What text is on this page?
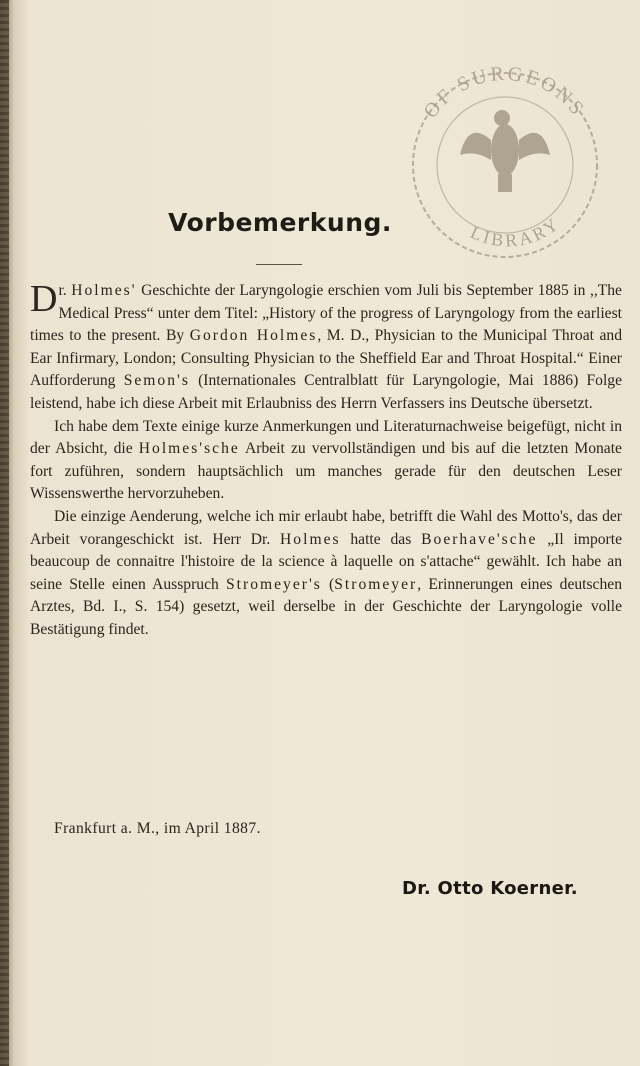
OF SURGEONS
LIBRARY
Vorbemerkung.

D r. Holmes' Geschichte der Laryngologie erschien vom Juli bis September 1885 in ,,The Medical Press“ unter dem Titel: „History of the progress of Laryngology from the earliest times to the present. By Gordon Holmes, M. D., Physician to the Municipal Throat and Ear Infirmary, London; Consulting Physician to the Sheffield Ear and Throat Hospital.“ Einer Aufforderung Semon's (Internationales Centralblatt für Laryngologie, Mai 1886) Folge leistend, habe ich diese Arbeit mit Erlaubniss des Herrn Verfassers ins Deutsche übersetzt.

Ich habe dem Texte einige kurze Anmerkungen und Literaturnachweise beigefügt, nicht in der Absicht, die Holmes'sche Arbeit zu vervollständigen und bis auf die letzten Monate fort zuführen, sondern hauptsächlich um manches gerade für den deutschen Leser Wissenswerthe hervorzuheben.

Die einzige Aenderung, welche ich mir erlaubt habe, betrifft die Wahl des Motto's, das der Arbeit vorangeschickt ist. Herr Dr. Holmes hatte das Boerhave'sche „Il importe beaucoup de connaitre l'histoire de la science à laquelle on s'attache“ gewählt. Ich habe an seine Stelle einen Ausspruch Stromeyer's (Stromeyer, Erinnerungen eines deutschen Arztes, Bd. I., S. 154) gesetzt, weil derselbe in der Geschichte der Laryngologie volle Bestätigung findet.

Frankfurt a. M., im April 1887.

Dr. Otto Koerner.
